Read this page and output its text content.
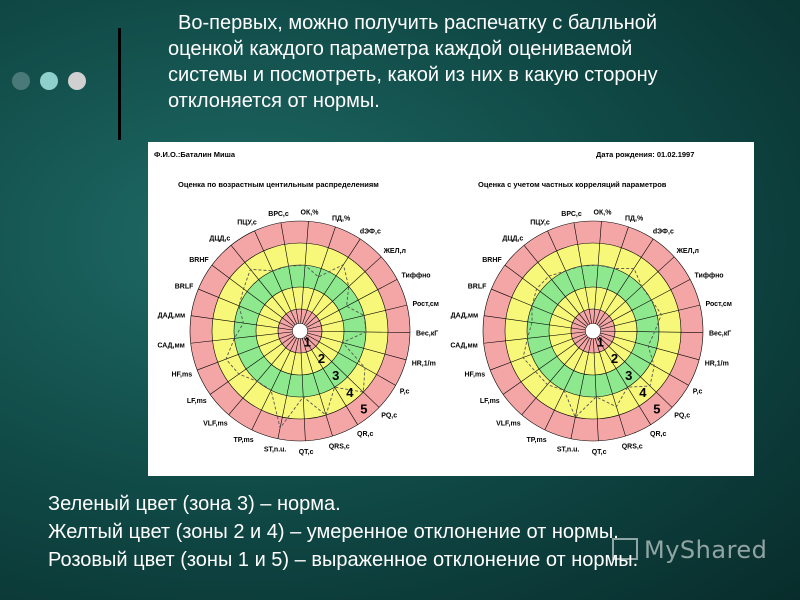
Во-первых, можно получить распечатку с балльной
оценкой каждого параметра каждой оцениваемой
системы и посмотреть, какой из них в какую сторону
отклоняется от нормы.
Ф.И.О.:Баталин Миша	Дата рождения: 01.02.1997
Оценка по возрастным центильным распределениям	Оценка с учетом частных корреляций параметров
ВРС,с ОК,%
ПД,%
dЭФ,с
ЖЕЛ,л
Тиффно
Рост,см
Вес,кГ
HR,1/m
P,c
PQ,c
QR,c
QRS,c
QT,c
ST,n.u.
TP,ms
VLF,ms
LF,ms
HF,ms
САД,мм
ДАД,мм
BRLF
BRHF
ДЦД,с
ПЦУ,с
1
2
3
4
5
ВРС,с ОК,%
ПД,%
dЭФ,с
ЖЕЛ,л
Тиффно
Рост,см
Вес,кГ
HR,1/m
P,c
PQ,c
QR,c
QRS,c
QT,c
ST,n.u.
TP,ms
VLF,ms
LF,ms
HF,ms
САД,мм
ДАД,мм
BRLF
BRHF
ДЦД,с
ПЦУ,с
1
2
3
4
5
Зеленый цвет (зона 3) – норма.
Желтый цвет (зоны 2 и 4) – умеренное отклонение от нормы.
Розовый цвет (зоны 1 и 5) – выраженное отклонение от нормы. MyShared
